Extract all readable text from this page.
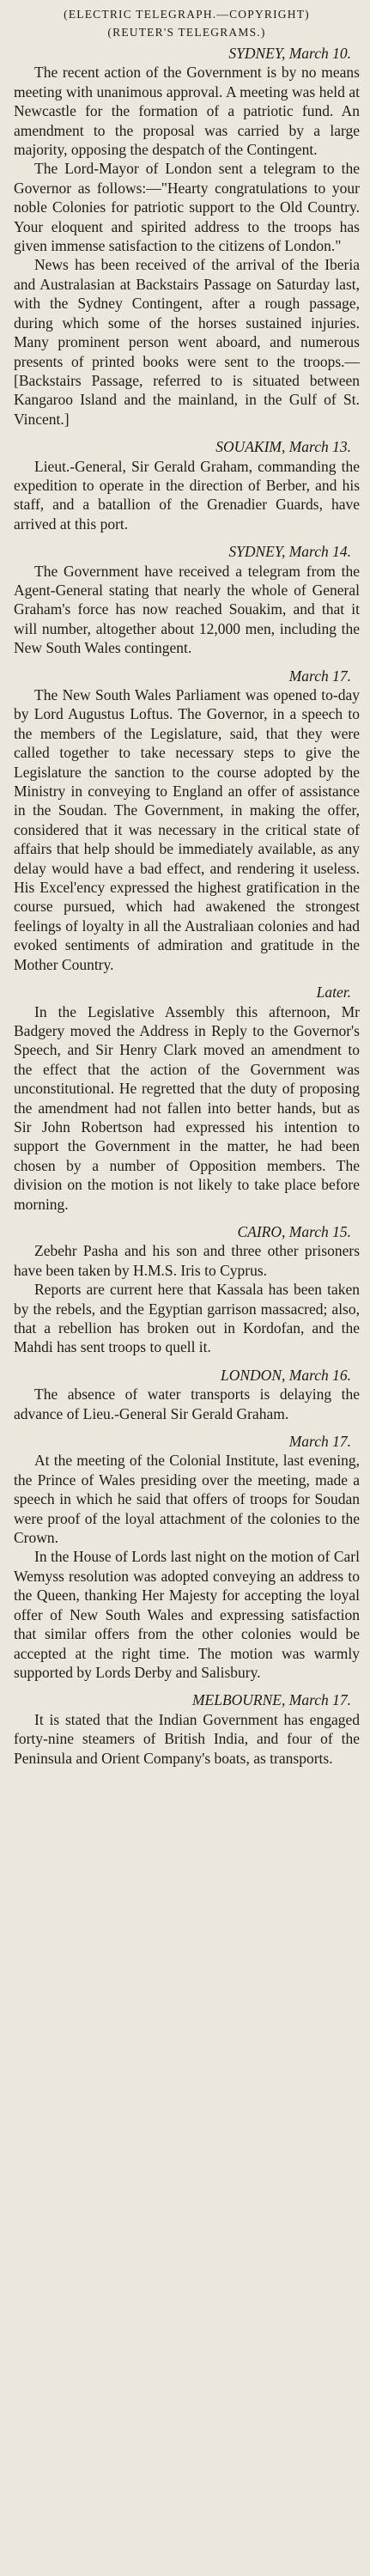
(ELECTRIC TELEGRAPH.—COPYRIGHT)
(REUTER'S TELEGRAMS.)
SYDNEY, March 10.

The recent action of the Government is by no means meeting with unanimous approval. A meeting was held at Newcastle for the formation of a patriotic fund. An amendment to the proposal was carried by a large majority, opposing the despatch of the Contingent.

The Lord-Mayor of London sent a telegram to the Governor as follows:—"Hearty congratulations to your noble Colonies for patriotic support to the Old Country. Your eloquent and spirited address to the troops has given immense satisfaction to the citizens of London."

News has been received of the arrival of the Iberia and Australasian at Backstairs Passage on Saturday last, with the Sydney Contingent, after a rough passage, during which some of the horses sustained injuries. Many prominent person went aboard, and numerous presents of printed books were sent to the troops.—[Backstairs Passage, referred to is situated between Kangaroo Island and the mainland, in the Gulf of St. Vincent.]

SOUAKIM, March 13.

Lieut.-General, Sir Gerald Graham, commanding the expedition to operate in the direction of Berber, and his staff, and a batallion of the Grenadier Guards, have arrived at this port.

SYDNEY, March 14.

The Government have received a telegram from the Agent-General stating that nearly the whole of General Graham's force has now reached Souakim, and that it will number, altogether about 12,000 men, including the New South Wales contingent.

March 17.

The New South Wales Parliament was opened to-day by Lord Augustus Loftus. The Governor, in a speech to the members of the Legislature, said, that they were called together to take necessary steps to give the Legislature the sanction to the course adopted by the Ministry in conveying to England an offer of assistance in the Soudan. The Government, in making the offer, considered that it was necessary in the critical state of affairs that help should be immediately available, as any delay would have a bad effect, and rendering it useless. His Excel'ency expressed the highest gratification in the course pursued, which had awakened the strongest feelings of loyalty in all the Australiaan colonies and had evoked sentiments of admiration and gratitude in the Mother Country.

Later.

In the Legislative Assembly this afternoon, Mr Badgery moved the Address in Reply to the Governor's Speech, and Sir Henry Clark moved an amendment to the effect that the action of the Government was unconstitutional. He regretted that the duty of proposing the amendment had not fallen into better hands, but as Sir John Robertson had expressed his intention to support the Government in the matter, he had been chosen by a number of Opposition members. The division on the motion is not likely to take place before morning.

CAIRO, March 15.

Zebehr Pasha and his son and three other prisoners have been taken by H.M.S. Iris to Cyprus.

Reports are current here that Kassala has been taken by the rebels, and the Egyptian garrison massacred; also, that a rebellion has broken out in Kordofan, and the Mahdi has sent troops to quell it.

LONDON, March 16.

The absence of water transports is delaying the advance of Lieu.-General Sir Gerald Graham.

March 17.

At the meeting of the Colonial Institute, last evening, the Prince of Wales presiding over the meeting, made a speech in which he said that offers of troops for Soudan were proof of the loyal attachment of the colonies to the Crown.

In the House of Lords last night on the motion of Carl Wemyss resolution was adopted conveying an address to the Queen, thanking Her Majesty for accepting the loyal offer of New South Wales and expressing satisfaction that similar offers from the other colonies would be accepted at the right time. The motion was warmly supported by Lords Derby and Salisbury.

MELBOURNE, March 17.

It is stated that the Indian Government has engaged forty-nine steamers of British India, and four of the Peninsula and Orient Company's boats, as transports.
